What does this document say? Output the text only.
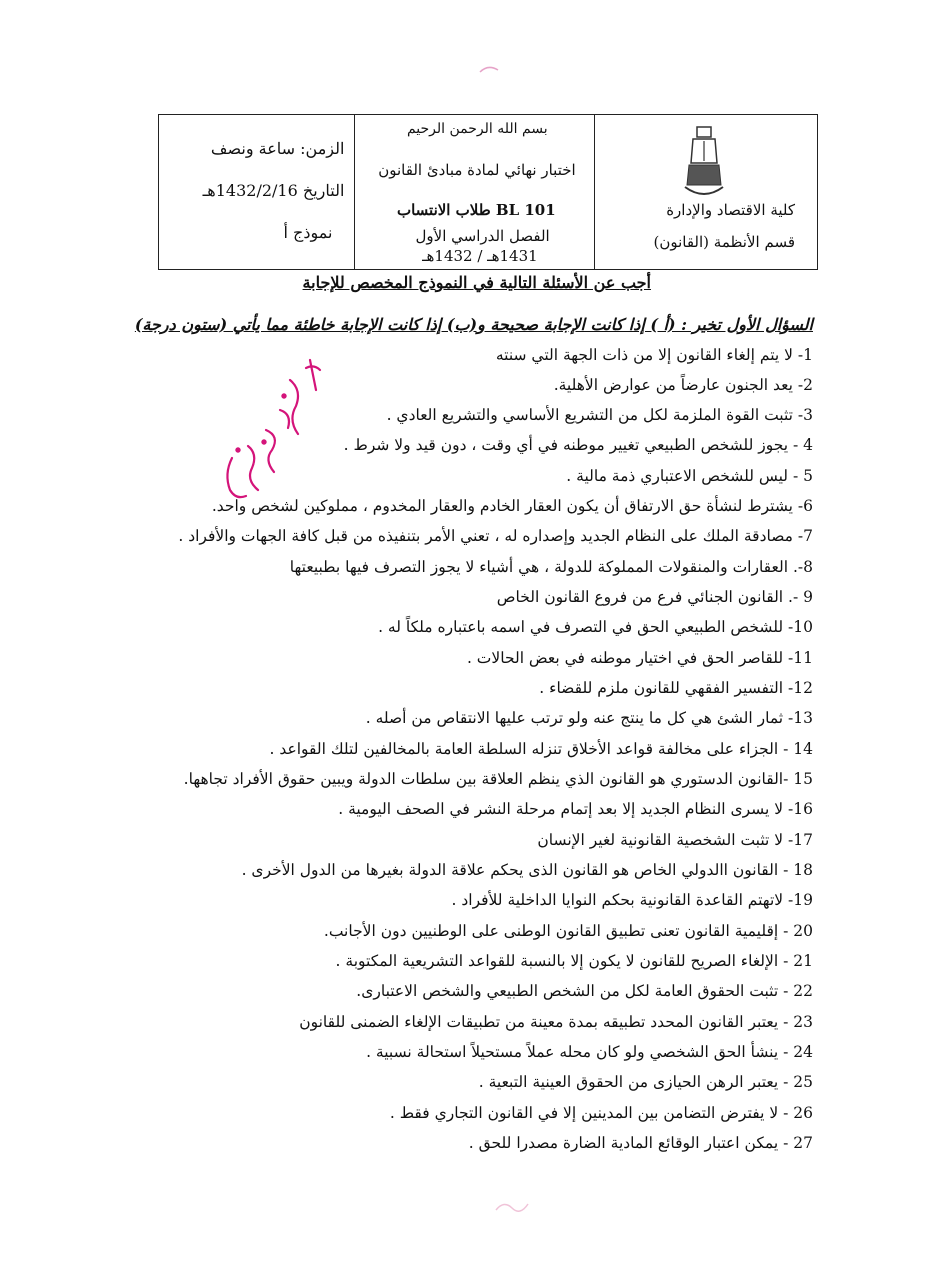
الزمن: ساعة ونصف
التاريخ 1432/2/16هـ
نموذج أ
بسم الله الرحمن الرحيم
اختبار نهائي لمادة مبادئ القانون
BL 101 طلاب الانتساب
الفصل الدراسي الأول
1431هـ / 1432هـ
كلية الاقتصاد والإدارة
قسم الأنظمة (القانون)
أجب عن الأسئلة التالية في النموذج المخصص للإجابة
السؤال الأول تخير : (أ ) إذا كانت الإجابة صحيحة و(ب) إذا كانت الإجابة خاطئة مما يأتي (ستون درجة)
1- لا يتم إلغاء القانون إلا من ذات الجهة التي سنته
2- يعد الجنون عارضاً من عوارض الأهلية.
3- تثبت القوة الملزمة لكل من التشريع الأساسي والتشريع العادي .
4 - يجوز للشخص الطبيعي تغيير موطنه في أي وقت ، دون قيد ولا شرط .
5 - ليس للشخص الاعتباري ذمة مالية .
6- يشترط لنشأة حق الارتفاق أن يكون العقار الخادم والعقار المخدوم ، مملوكين لشخص واحد.
7- مصادقة الملك على النظام الجديد وإصداره له ، تعني الأمر بتنفيذه من قبل كافة الجهات والأفراد .
8-. العقارات والمنقولات المملوكة للدولة ، هي أشياء لا يجوز التصرف فيها بطبيعتها
9 -. القانون الجنائي فرع من فروع القانون الخاص
10- للشخص الطبيعي الحق في التصرف في اسمه باعتباره ملكاً له .
11- للقاصر الحق في اختيار موطنه في بعض الحالات .
12- التفسير الفقهي للقانون ملزم للقضاء .
13- ثمار الشئ هي كل ما ينتج عنه ولو ترتب عليها الانتقاص من أصله .
14 - الجزاء على مخالفة قواعد الأخلاق تنزله السلطة العامة بالمخالفين لتلك القواعد .
15 -القانون الدستوري هو القانون الذي ينظم العلاقة بين سلطات الدولة ويبين حقوق الأفراد تجاهها.
16- لا يسرى النظام الجديد إلا بعد إتمام مرحلة النشر في الصحف اليومية .
17- لا تثبت الشخصية القانونية لغير الإنسان
18 - القانون االدولي الخاص هو القانون الذى يحكم علاقة الدولة بغيرها من الدول الأخرى .
19- لاتهتم القاعدة القانونية بحكم النوايا الداخلية للأفراد .
20 - إقليمية القانون تعنى تطبيق القانون الوطنى على الوطنيين دون الأجانب.
21 - الإلغاء الصريح للقانون لا يكون إلا بالنسبة للقواعد التشريعية المكتوبة .
22 - تثبت الحقوق العامة لكل من الشخص الطبيعي والشخص الاعتبارى.
23 - يعتبر القانون المحدد تطبيقه بمدة معينة من تطبيقات الإلغاء الضمنى للقانون
24 - ينشأ الحق الشخصي ولو كان محله عملاً مستحيلاً استحالة نسبية .
25 - يعتبر الرهن الحيازى من الحقوق العينية التبعية .
26 - لا يفترض التضامن بين المدينين إلا في القانون التجاري فقط .
27 - يمكن اعتبار الوقائع المادية الضارة مصدرا للحق .
